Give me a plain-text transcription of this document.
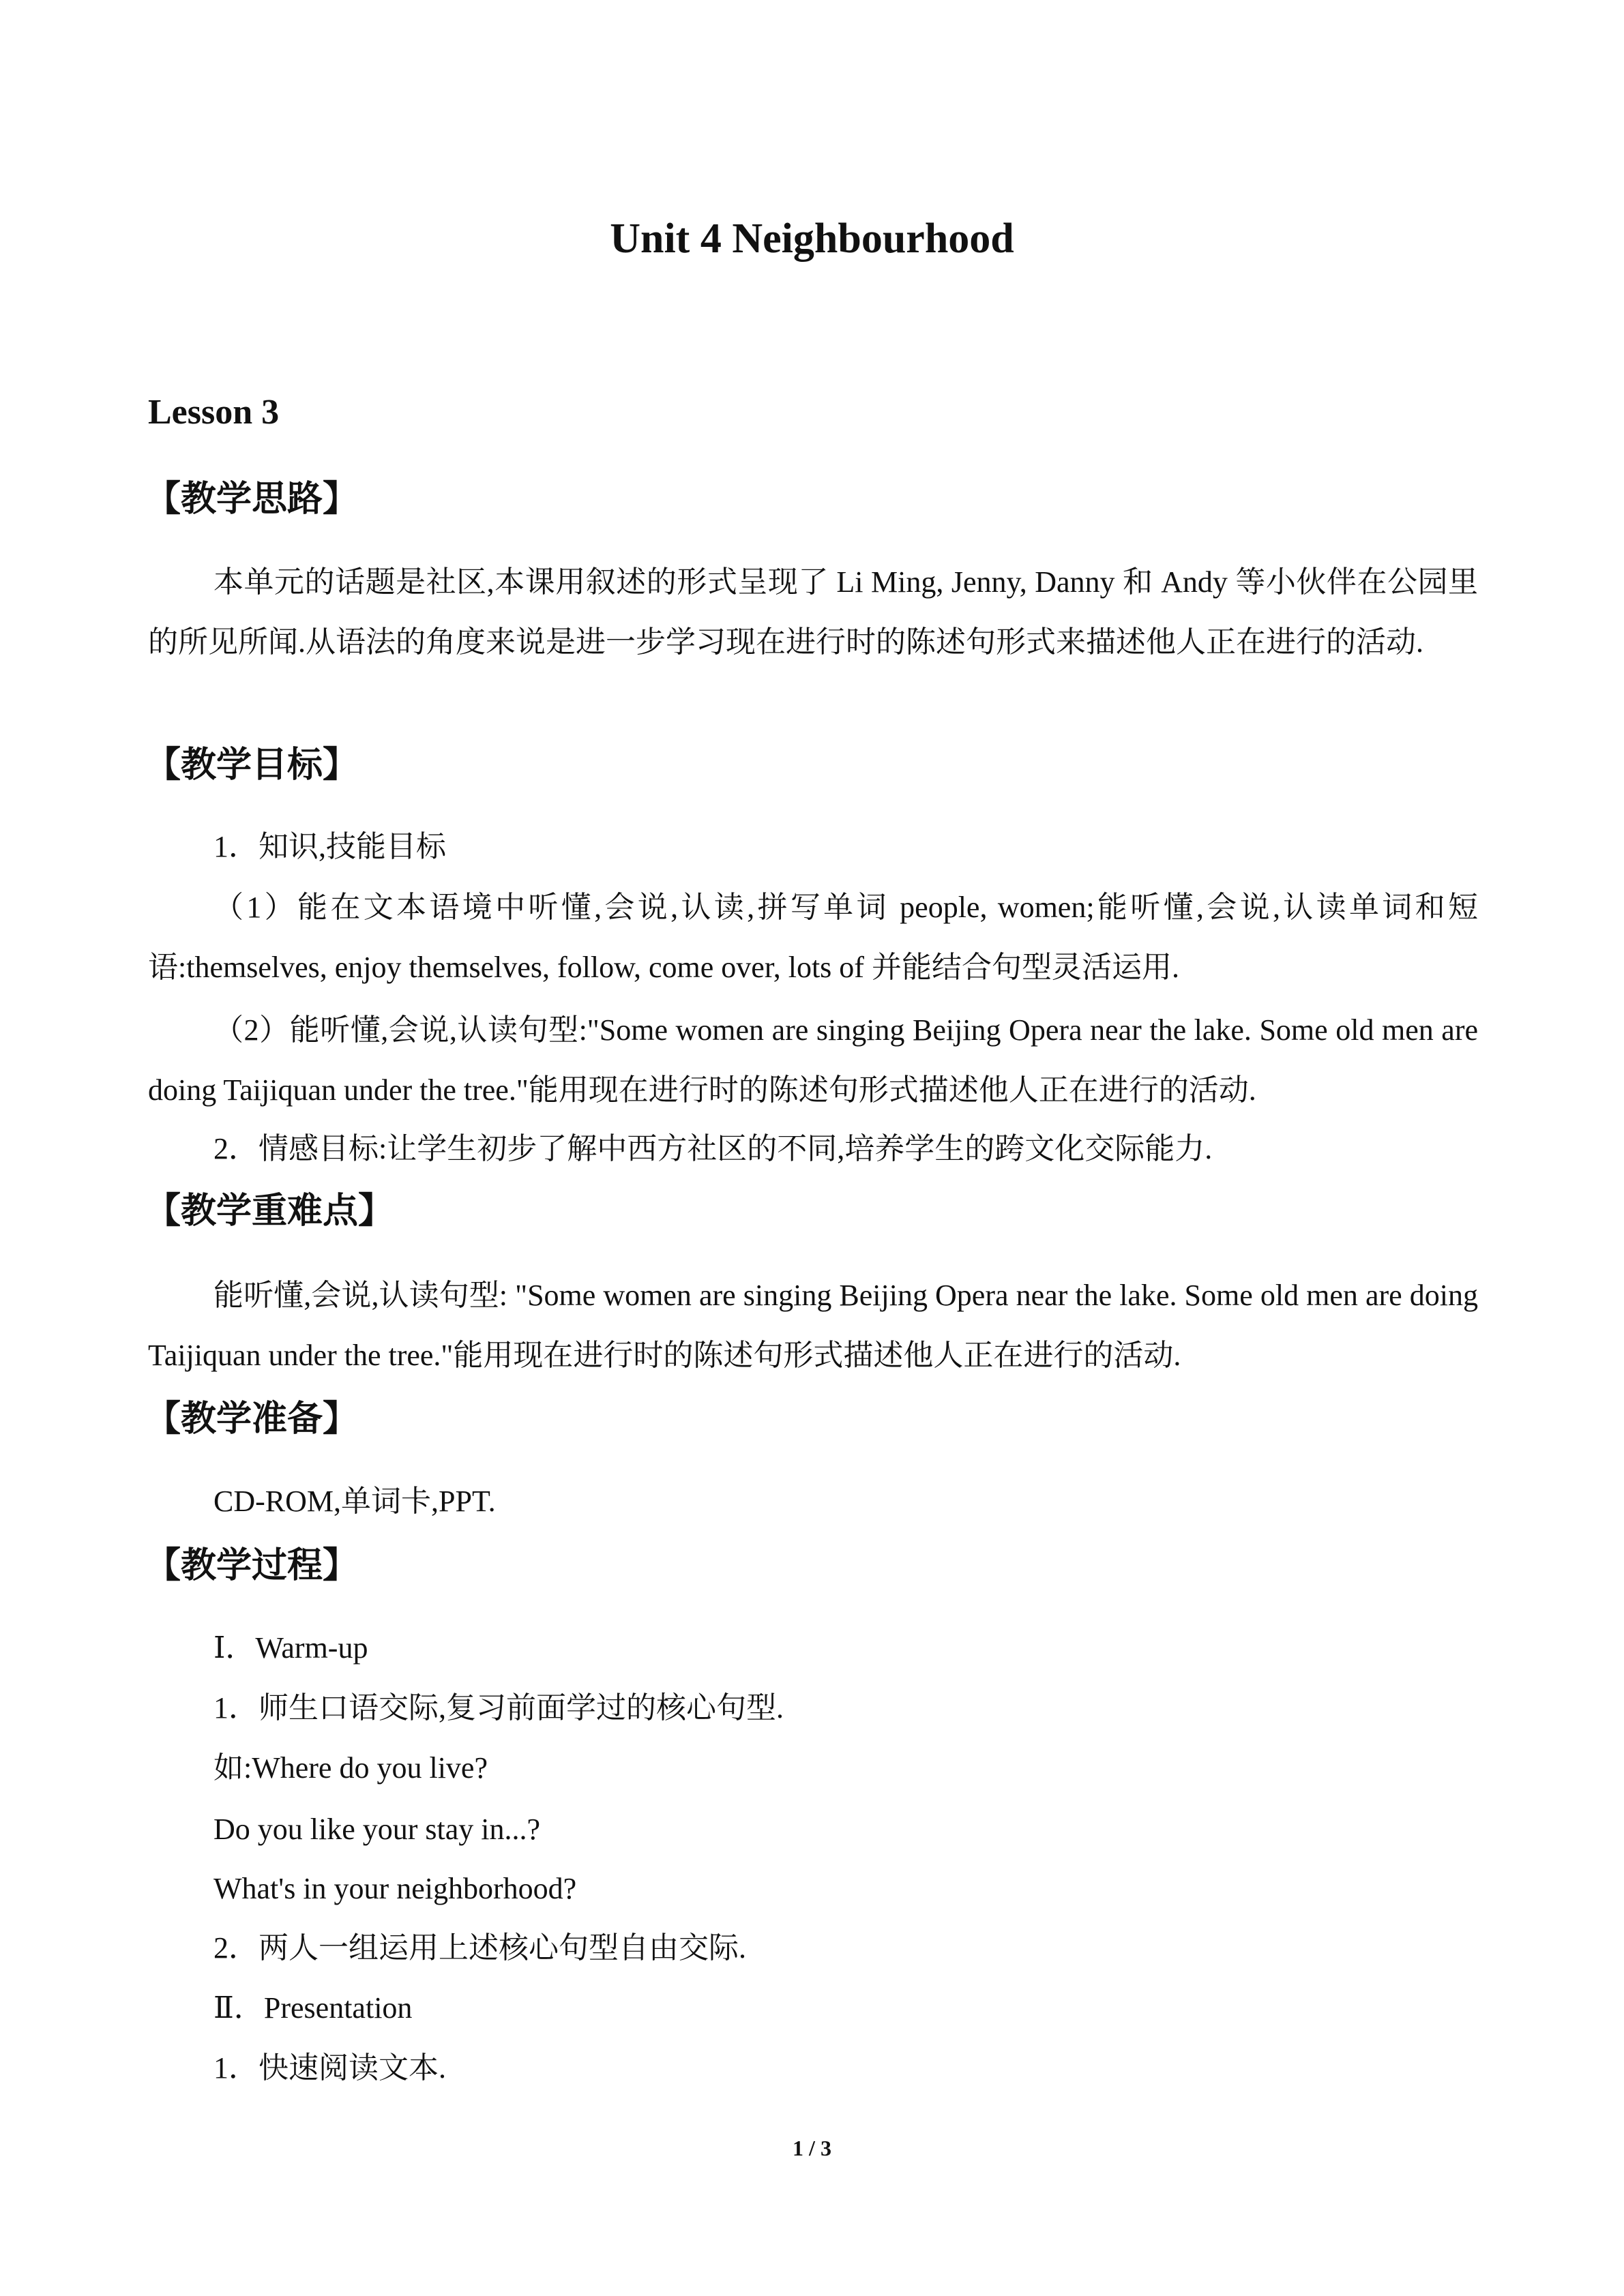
Unit 4 Neighbourhood
Lesson 3
【教学思路】

本单元的话题是社区,本课用叙述的形式呈现了 Li Ming, Jenny, Danny 和 Andy 等小伙伴在公园里的所见所闻.从语法的角度来说是进一步学习现在进行时的陈述句形式来描述他人正在进行的活动.

【教学目标】
1．知识,技能目标

（1）能在文本语境中听懂,会说,认读,拼写单词 people, women;能听懂,会说,认读单词和短语:themselves, enjoy themselves, follow, come over, lots of 并能结合句型灵活运用.

（2）能听懂,会说,认读句型:"Some women are singing Beijing Opera near the lake. Some old men are doing Taijiquan under the tree."能用现在进行时的陈述句形式描述他人正在进行的活动.

2．情感目标:让学生初步了解中西方社区的不同,培养学生的跨文化交际能力.
【教学重难点】

能听懂,会说,认读句型: "Some women are singing Beijing Opera near the lake. Some old men are doing Taijiquan under the tree."能用现在进行时的陈述句形式描述他人正在进行的活动.

【教学准备】
CD-ROM,单词卡,PPT.
【教学过程】
Ⅰ．Warm-up
1．师生口语交际,复习前面学过的核心句型.
如:Where do you live?
Do you like your stay in...?
What's in your neighborhood?
2．两人一组运用上述核心句型自由交际.
Ⅱ．Presentation
1．快速阅读文本.
1 / 3
